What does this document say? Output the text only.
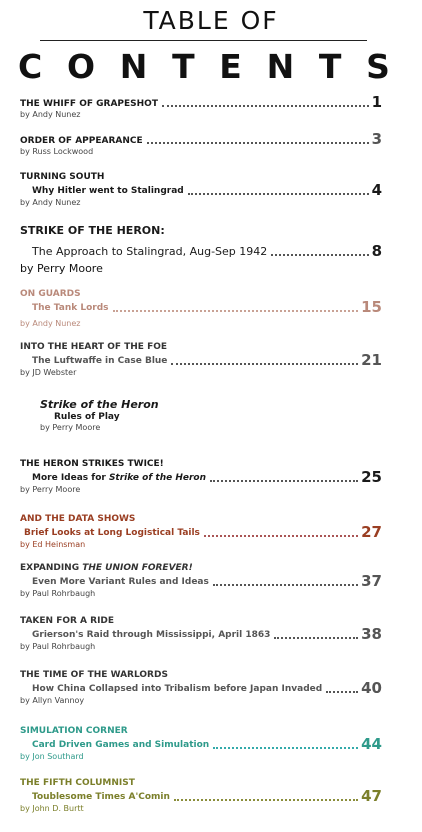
TABLE OF
C O N T E N T S
THE WHIFF OF GRAPESHOT	1
by Andy Nunez
ORDER OF APPEARANCE	3
by Russ Lockwood
TURNING SOUTH
Why Hitler went to Stalingrad	4
by Andy Nunez
STRIKE OF THE HERON:
The Approach to Stalingrad, Aug-Sep 1942	8
by Perry Moore
ON GUARDS
The Tank Lords	15
by Andy Nunez
INTO THE HEART OF THE FOE
The Luftwaffe in Case Blue	21
by JD Webster
Strike of the Heron
Rules of Play
by Perry Moore
THE HERON STRIKES TWICE!
More Ideas for Strike of the Heron	25
by Perry Moore
AND THE DATA SHOWS
Brief Looks at Long Logistical Tails	27
by Ed Heinsman
EXPANDING THE UNION FOREVER!
Even More Variant Rules and Ideas	37
by Paul Rohrbaugh
TAKEN FOR A RIDE
Grierson's Raid through Mississippi, April 1863	38
by Paul Rohrbaugh
THE TIME OF THE WARLORDS
How China Collapsed into Tribalism before Japan Invaded	40
by Allyn Vannoy
SIMULATION CORNER
Card Driven Games and Simulation	44
by Jon Southard
THE FIFTH COLUMNIST
Toublesome Times A'Comin	47
by John D. Burtt
